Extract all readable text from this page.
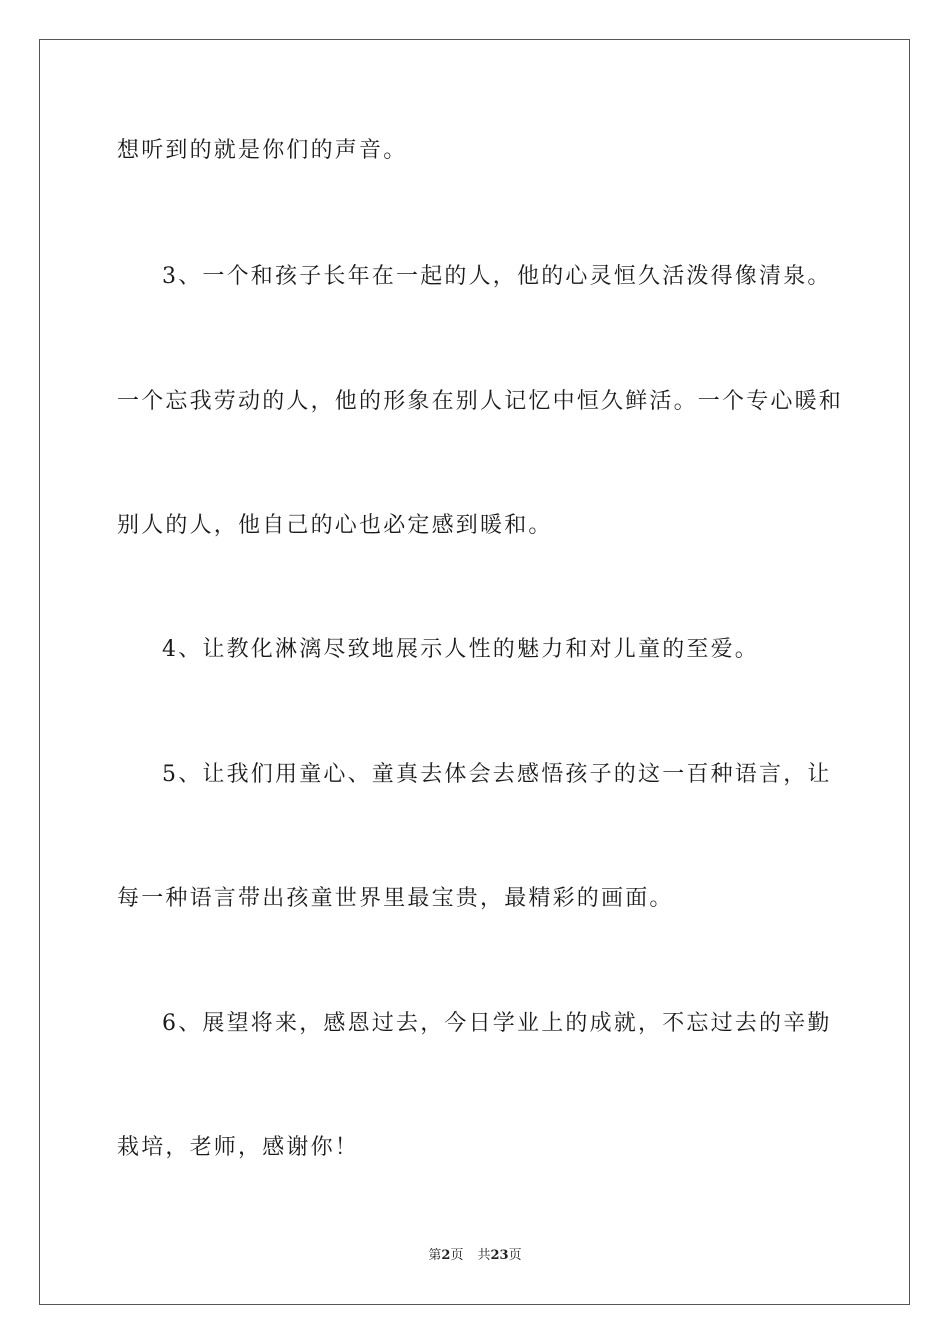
想听到的就是你们的声音。
3、一个和孩子长年在一起的人，他的心灵恒久活泼得像清泉。
一个忘我劳动的人，他的形象在别人记忆中恒久鲜活。一个专心暖和
别人的人，他自己的心也必定感到暖和。
4、让教化淋漓尽致地展示人性的魅力和对儿童的至爱。
5、让我们用童心、童真去体会去感悟孩子的这一百种语言，让
每一种语言带出孩童世界里最宝贵，最精彩的画面。
6、展望将来，感恩过去，今日学业上的成就，不忘过去的辛勤
栽培，老师，感谢你！
第2页 共23页
